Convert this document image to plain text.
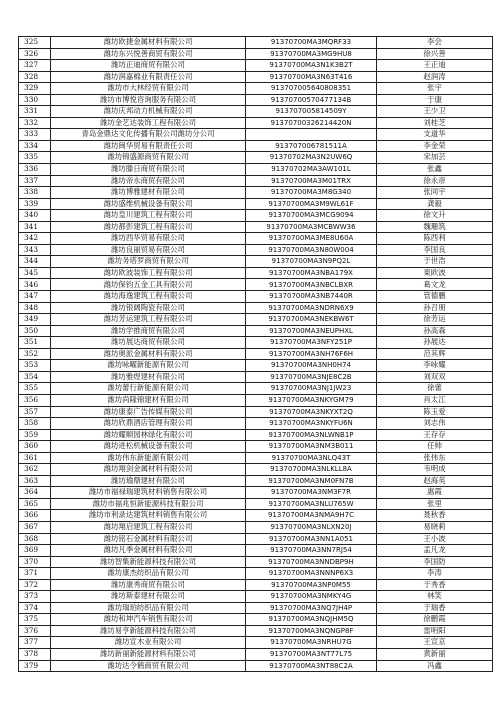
325	潍坊欧捷金属材料有限公司	91370700MA3MQRF33	李会
326	潍坊东兴悦善商贸有限公司	91370700MA3MG9HU8	徐兴善
327	潍坊正迪商贸有限公司	91370700MA3N1K3B2T	王正迪
328	潍坊润嘉棉业有限责任公司	91370700MA3N63T416	赵润涛
329	潍坊市大林经贸有限公司	913707005640808351	张宇
330	潍坊市博悦咨询服务有限公司	91370700570477134B	于康
331	潍坊庆邦动力机械有限公司	913707005814509Y	王少卫
332	潍坊金艺达装饰工程有限公司	91370700326214420N	刘桂芝
333	青岛金鼎达文化传播有限公司潍坊分公司		支道华
334	潍坊闽华贸易有限责任公司	913707006781511A	李金荣
335	潍坊锦盛源商贸有限公司	91370702MA3N2UW6Q	宋加芸
336	潍坊滕日商贸有限公司	91370702MA3AW101L	张鑫
337	潍坊帝永商贸有限公司	91370700MA3M01TRX	徐永帝
338	潍坊博雅建材有限公司	91370700MA3M8G340	张同宇
339	潍坊盛维机械设备有限公司	91370700MA3M9WL61F	龚毅
340	潍坊皇川建筑工程有限公司	91370700MA3MCG9094	徐文升
341	潍坊都彭建筑工程有限公司	91370700MA3MCBWW36	魏珊筑
342	潍坊西华贸易有限公司	91370700MA3ME8U60A	陈西利
343	潍坊良丽贸易有限公司	91370700MA3N80W004	李国良
344	潍坊务塔罗商贸有限公司	91370700MA3N9PQ2L	于世浩
345	潍坊欧波装饰工程有限公司	91370700MA3NBA179X	東欧波
346	潍坊保钧五金工具有限公司	91370700MA3NBCLBXR	葛文龙
347	潍坊海逸建筑工程有限公司	91370700MA3NB7440R	管德鹏
348	潍坊银阔陶瓷有限公司	91370700MA3NDRN6X9	孙召朋
349	潍坊芳运建筑工程有限公司	91370700MA3NEKBW6T	徐芳运
350	潍坊学推商贸有限公司	91370700MA3NEUPHXL	孙高森
351	潍坊展达商贸有限公司	91370700MA3NFY251P	孙展达
352	潍坊奥派金属材料有限公司	91370700MA3NH76F6H	范其辉
353	潍坊咏曜新能源有限公司	91370700MA3NH0H74	李咏耀
354	潍坊雅煜建材有限公司	91370700MA3NJE8C2B	刘双双
355	潍坊蕾行新能源有限公司	91370700MA3NJ1JW23	徐蕾
356	潍坊尚隆锦建材有限公司	91370700MA3NKYGM79	肖太江
357	潍坊康泰广告传媒有限公司	91370700MA3NKYXT2Q	陈玉爱
358	潍坊欣鼎酒店管理有限公司	91370700MA3NKYFU6N	刘志伟
359	潍坊耀顺园林绿化有限公司	91370700MA3NLWNB1P	王存存
360	潍坊进松机械设备有限公司	91370700MA3NM3B011	任帅
361	潍坊伟东新能源有限公司	91370700MA3NLQ43T	张伟东
362	潍坊翔剑金属材料有限公司	91370700MA3NLKLL8A	韦明成
363	潍坊瑜鼎建材有限公司	91370700MA3NM0FN7B	赵海英
364	潍坊市福禄瑞建筑材料销售有限公司	91370700MA3NM3F7R	惠霞
365	潍坊市福兆恒新能源科技有限公司	91370700MA3NLU765W	张里
366	潍坊市利录达建筑材料销售有限公司	91370700MA3NMA9H7C	聂秋香
367	潍坊翔启建筑工程有限公司	91370700MA3NLXN20J	易晓莉
368	潍坊铭石金属材料有限公司	91370700MA3NN1A051	王小波
369	潍坊凡季金属材料有限公司	91370700MA3NN7RJ54	孟凡龙
370	潍坊智集新能源科技有限公司	91370700MA3NNDBP9H	李国防
371	潍坊康杰纺织品有限公司	91370700MA3NNNP6X3	李涛
372	潍坊康秀商贸有限公司	91370700MA3NP0M55	于秀香
373	潍坊斯泰建材有限公司	91370700MA3NMKY4G	林笑
374	潍坊瑞珀纺织品有限公司	91370700MA3NQ7JH4P	于瑞香
375	潍坊和坤汽车销售有限公司	91370700MA3NQJHM5Q	徐鹏霞
376	潍坊易亨新能源科技有限公司	91370700MA3NQNGP8F	雷明阳
377	潍坊宣木业有限公司	91370700MA3NRHU7G	王宣京
378	潍坊新丽新能源材料有限公司	91370700MA3NT77L75	黄新丽
379	潍坊达令鹤商贸有限公司	91370700MA3NT88C2A	冯鑫
